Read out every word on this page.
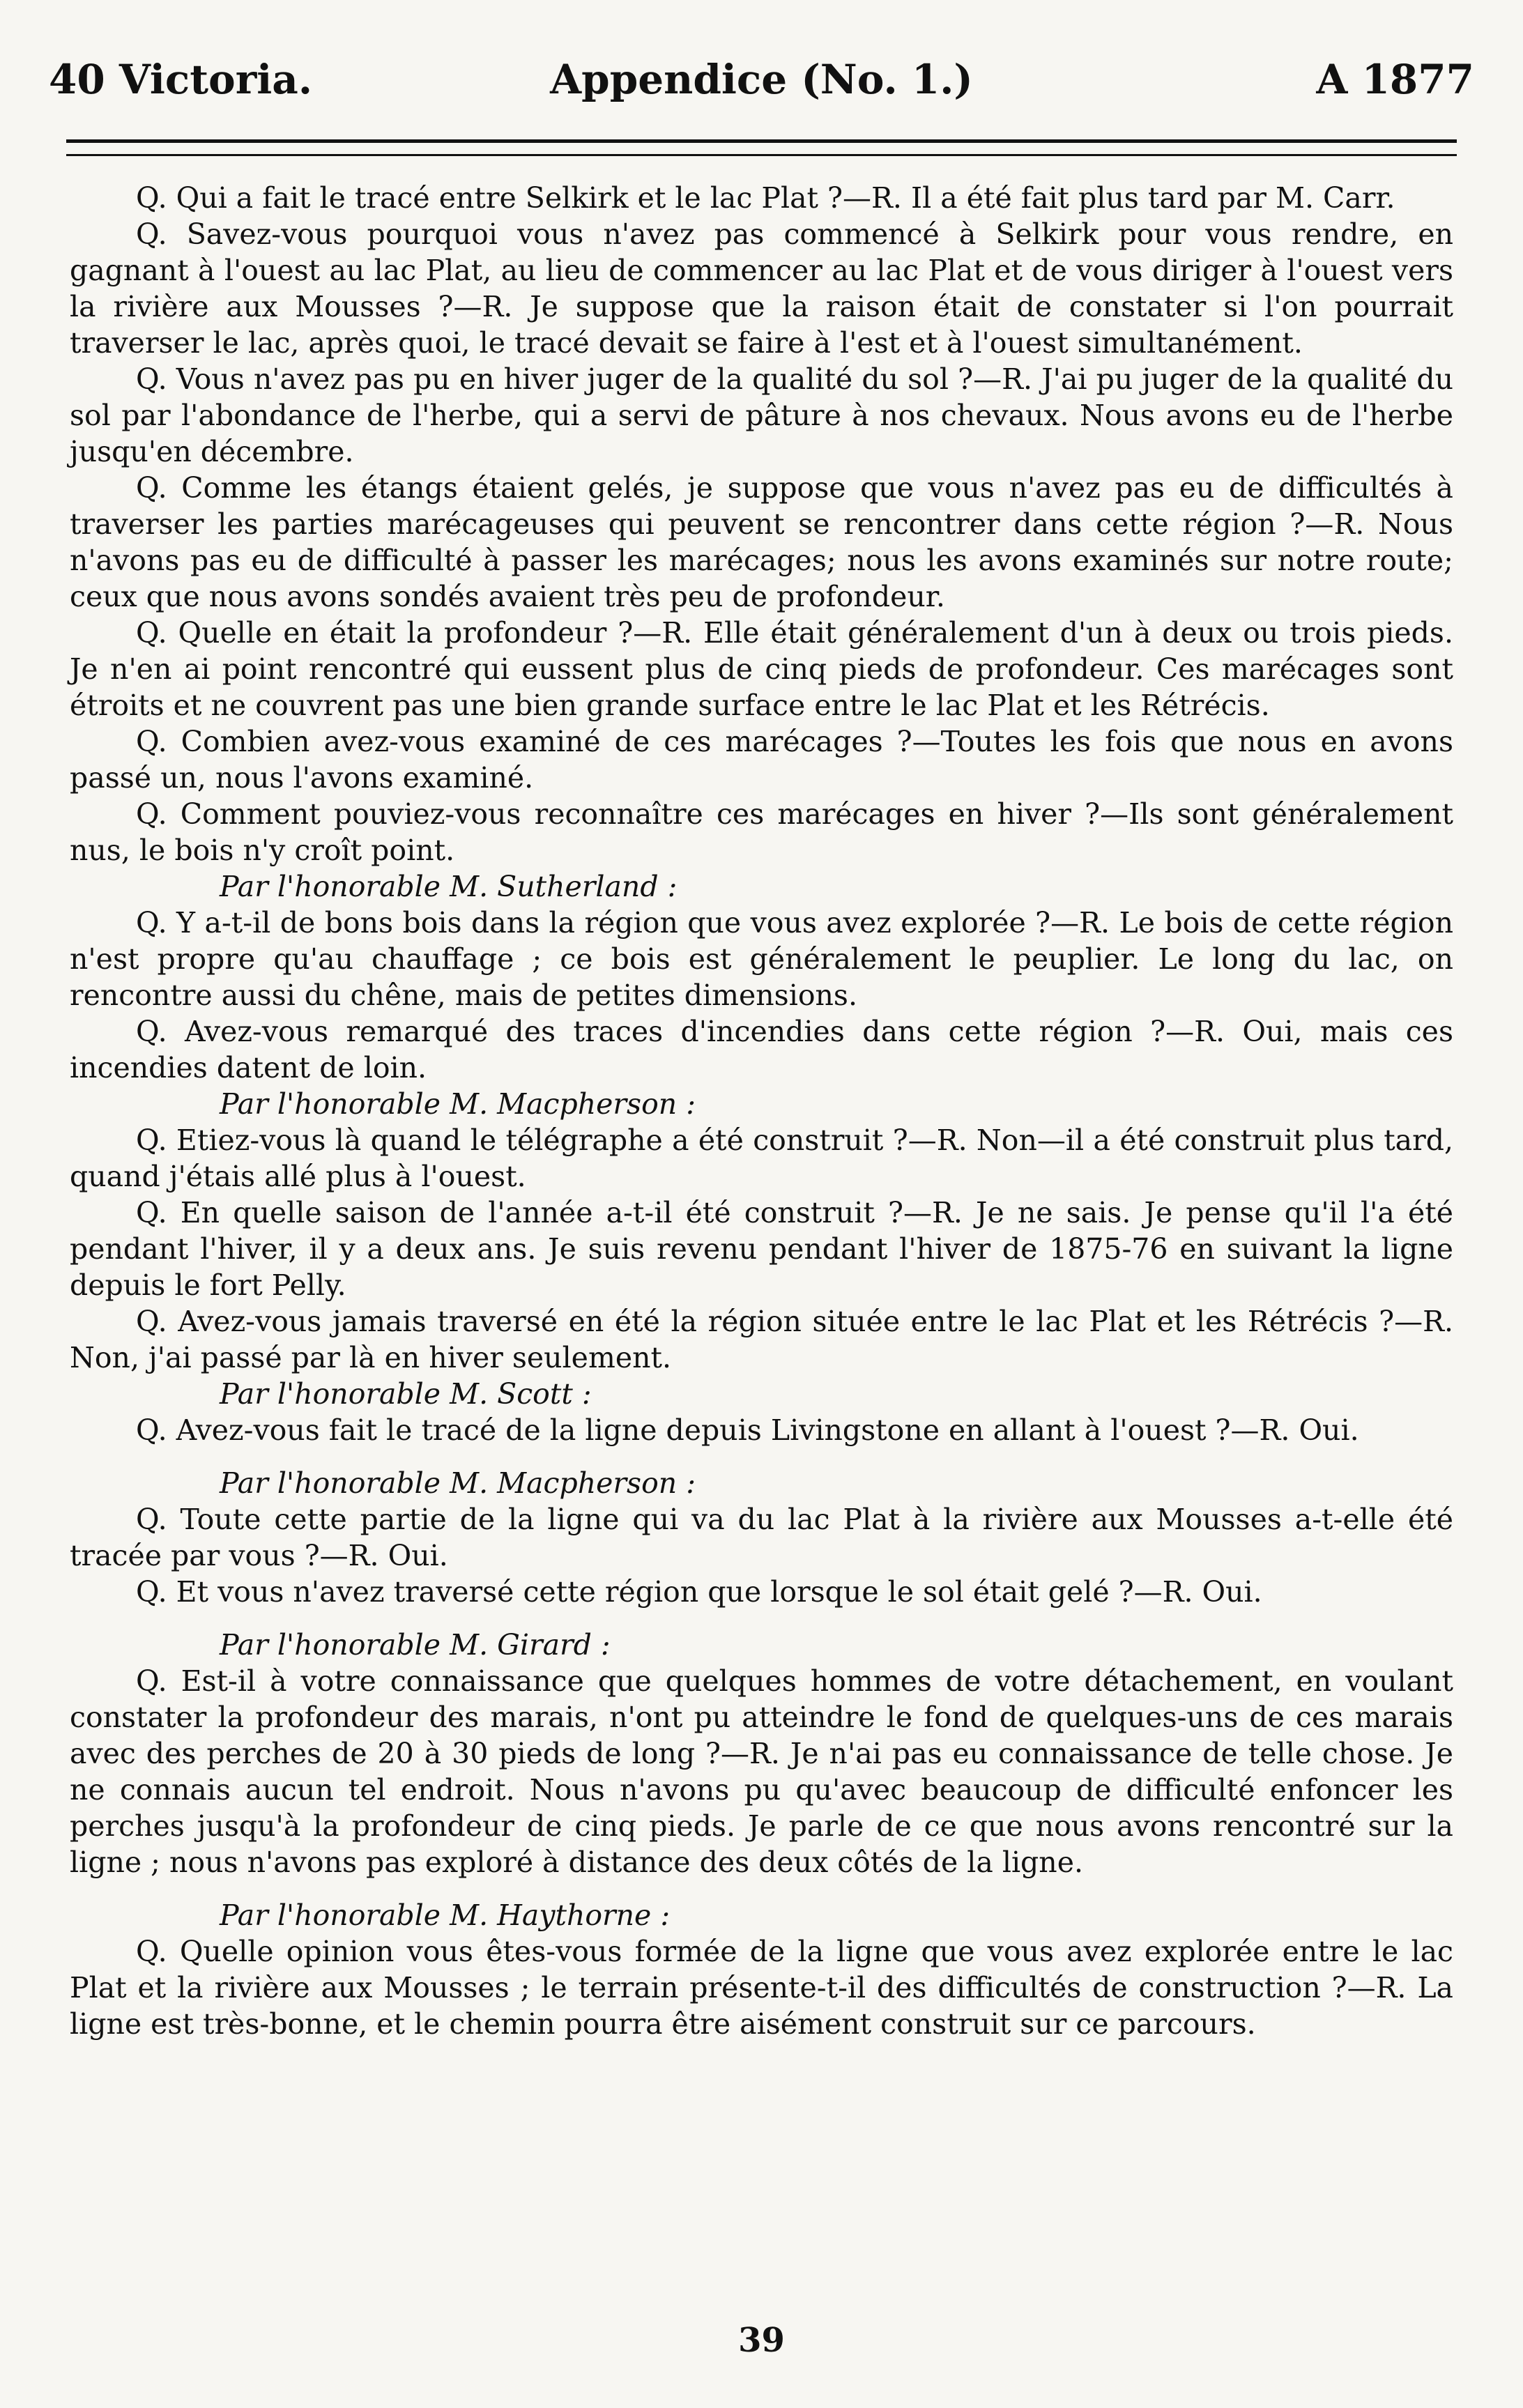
40 Victoria.	Appendice (No. 1.)	A 1877

Q. Qui a fait le tracé entre Selkirk et le lac Plat ?—R. Il a été fait plus tard par M. Carr.

Q. Savez-vous pourquoi vous n'avez pas commencé à Selkirk pour vous rendre, en gagnant à l'ouest au lac Plat, au lieu de commencer au lac Plat et de vous diriger à l'ouest vers la rivière aux Mousses ?—R. Je suppose que la raison était de constater si l'on pourrait traverser le lac, après quoi, le tracé devait se faire à l'est et à l'ouest simultanément.

Q. Vous n'avez pas pu en hiver juger de la qualité du sol ?—R. J'ai pu juger de la qualité du sol par l'abondance de l'herbe, qui a servi de pâture à nos chevaux. Nous avons eu de l'herbe jusqu'en décembre.

Q. Comme les étangs étaient gelés, je suppose que vous n'avez pas eu de difficultés à traverser les parties marécageuses qui peuvent se rencontrer dans cette région ?—R. Nous n'avons pas eu de difficulté à passer les marécages; nous les avons examinés sur notre route; ceux que nous avons sondés avaient très peu de profondeur.

Q. Quelle en était la profondeur ?—R. Elle était généralement d'un à deux ou trois pieds. Je n'en ai point rencontré qui eussent plus de cinq pieds de profondeur. Ces marécages sont étroits et ne couvrent pas une bien grande surface entre le lac Plat et les Rétrécis.

Q. Combien avez-vous examiné de ces marécages ?—Toutes les fois que nous en avons passé un, nous l'avons examiné.

Q. Comment pouviez-vous reconnaître ces marécages en hiver ?—Ils sont généralement nus, le bois n'y croît point.

Par l'honorable M. Sutherland :

Q. Y a-t-il de bons bois dans la région que vous avez explorée ?—R. Le bois de cette région n'est propre qu'au chauffage ; ce bois est généralement le peuplier. Le long du lac, on rencontre aussi du chêne, mais de petites dimensions.

Q. Avez-vous remarqué des traces d'incendies dans cette région ?—R. Oui, mais ces incendies datent de loin.

Par l'honorable M. Macpherson :

Q. Etiez-vous là quand le télégraphe a été construit ?—R. Non—il a été construit plus tard, quand j'étais allé plus à l'ouest.

Q. En quelle saison de l'année a-t-il été construit ?—R. Je ne sais. Je pense qu'il l'a été pendant l'hiver, il y a deux ans. Je suis revenu pendant l'hiver de 1875-76 en suivant la ligne depuis le fort Pelly.

Q. Avez-vous jamais traversé en été la région située entre le lac Plat et les Rétrécis ?—R. Non, j'ai passé par là en hiver seulement.

Par l'honorable M. Scott :

Q. Avez-vous fait le tracé de la ligne depuis Livingstone en allant à l'ouest ?—R. Oui.

Par l'honorable M. Macpherson :

Q. Toute cette partie de la ligne qui va du lac Plat à la rivière aux Mousses a-t-elle été tracée par vous ?—R. Oui.

Q. Et vous n'avez traversé cette région que lorsque le sol était gelé ?—R. Oui.

Par l'honorable M. Girard :

Q. Est-il à votre connaissance que quelques hommes de votre détachement, en voulant constater la profondeur des marais, n'ont pu atteindre le fond de quelques-uns de ces marais avec des perches de 20 à 30 pieds de long ?—R. Je n'ai pas eu connaissance de telle chose. Je ne connais aucun tel endroit. Nous n'avons pu qu'avec beaucoup de difficulté enfoncer les perches jusqu'à la profondeur de cinq pieds. Je parle de ce que nous avons rencontré sur la ligne ; nous n'avons pas exploré à distance des deux côtés de la ligne.

Par l'honorable M. Haythorne :

Q. Quelle opinion vous êtes-vous formée de la ligne que vous avez explorée entre le lac Plat et la rivière aux Mousses ; le terrain présente-t-il des difficultés de construction ?—R. La ligne est très-bonne, et le chemin pourra être aisément construit sur ce parcours.

39
